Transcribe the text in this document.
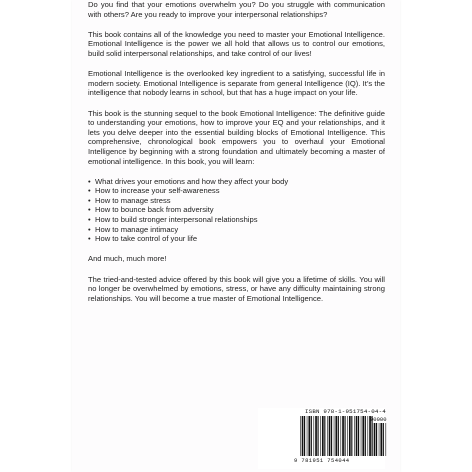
Do you find that your emotions overwhelm you? Do you struggle with communication with others? Are you ready to improve your interpersonal relationships?

This book contains all of the knowledge you need to master your Emotional Intelligence. Emotional Intelligence is the power we all hold that allows us to control our emotions, build solid interpersonal relationships, and take control of our lives!

Emotional Intelligence is the overlooked key ingredient to a satisfying, successful life in modern society. Emotional Intelligence is separate from general Intelligence (IQ). It’s the intelligence that nobody learns in school, but that has a huge impact on your life.

This book is the stunning sequel to the book Emotional Intelligence: The definitive guide to understanding your emotions, how to improve your EQ and your relationships, and it lets you delve deeper into the essential building blocks of Emotional Intelligence. This comprehensive, chronological book empowers you to overhaul your Emotional Intelligence by beginning with a strong foundation and ultimately becoming a master of emotional intelligence. In this book, you will learn:

• What drives your emotions and how they affect your body
• How to increase your self-awareness
• How to manage stress
• How to bounce back from adversity
• How to build stronger interpersonal relationships
• How to manage intimacy
• How to take control of your life

And much, much more!

The tried-and-tested advice offered by this book will give you a lifetime of skills. You will no longer be overwhelmed by emotions, stress, or have any difficulty maintaining strong relationships. You will become a true master of Emotional Intelligence.

ISBN 978-1-951754-04-4
90000
9 781951 754044
